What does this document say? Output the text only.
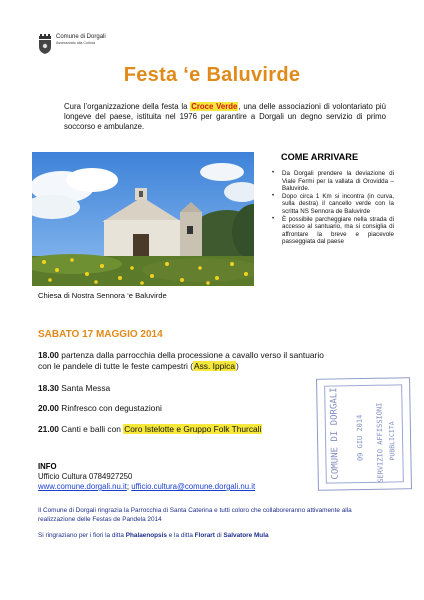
Comune di Dorgali
Assessorato alla Cultura
Festa ‘e Baluvirde

Cura l’organizzazione della festa la Croce Verde, una delle associazioni di volontariato più longeve del paese, istituita nel 1976 per garantire a Dorgali un degno servizio di primo soccorso e ambulanze.

Chiesa di Nostra Sennora ‘e Baluvirde
COME ARRIVARE
• Da Dorgali prendere la deviazione di Viale Fermi per la vallata di Orovidda – Baluvirde.
• Dopo circa 1 Km si incontra (in curva, sulla destra) il cancello verde con la scritta NS Sennora de Baluvirde
• È possibile parcheggiare nella strada di accesso al santuario, ma si consiglia di affrontare la breve e piacevole passeggiata dal paese
SABATO 17 MAGGIO 2014

18.00 partenza dalla parrocchia della processione a cavallo verso il santuario con le pandele di tutte le feste campestri (Ass. Ippica)

18.30 Santa Messa

20.00 Rinfresco con degustazioni

21.00 Canti e balli con Coro Istelotte e Gruppo Folk Thurcali	COMUNE DI DORGALI 09 GIU 2014 SERVIZIO AFFISSIONI PUBBLICITA
INFO
Ufficio Cultura 0784927250
www.comune.dorgali.nu.it; ufficio.cultura@comune.dorgali.nu.it

Il Comune di Dorgali ringrazia la Parrocchia di Santa Caterina e tutti coloro che collaboreranno attivamente alla realizzazione delle Festas de Pandela 2014

Si ringraziano per i fiori la ditta Phalaenopsis e la ditta Florart di Salvatore Mula
